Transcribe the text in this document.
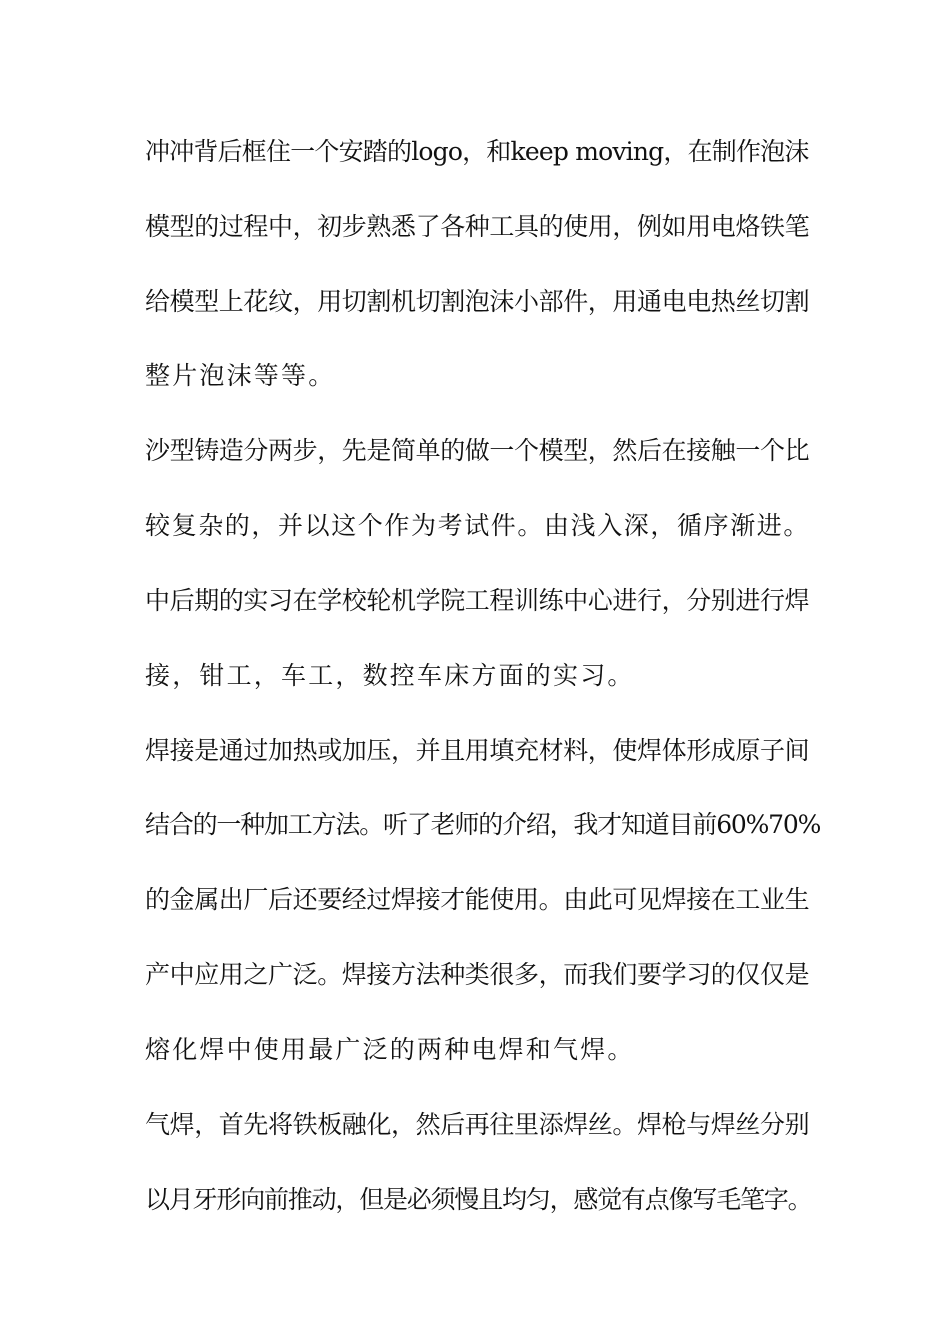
冲冲背后框住一个安踏的logo，和keep moving，在制作泡沫
模型的过程中，初步熟悉了各种工具的使用，例如用电烙铁笔
给模型上花纹，用切割机切割泡沫小部件，用通电电热丝切割
整片泡沫等等。
沙型铸造分两步，先是简单的做一个模型，然后在接触一个比
较复杂的，并以这个作为考试件。由浅入深，循序渐进。
中后期的实习在学校轮机学院工程训练中心进行，分别进行焊
接，钳工，车工，数控车床方面的实习。
焊接是通过加热或加压，并且用填充材料，使焊体形成原子间
结合的一种加工方法。听了老师的介绍，我才知道目前60%70%
的金属出厂后还要经过焊接才能使用。由此可见焊接在工业生
产中应用之广泛。焊接方法种类很多，而我们要学习的仅仅是
熔化焊中使用最广泛的两种电焊和气焊。
气焊，首先将铁板融化，然后再往里添焊丝。焊枪与焊丝分别
以月牙形向前推动，但是必须慢且均匀，感觉有点像写毛笔字。
